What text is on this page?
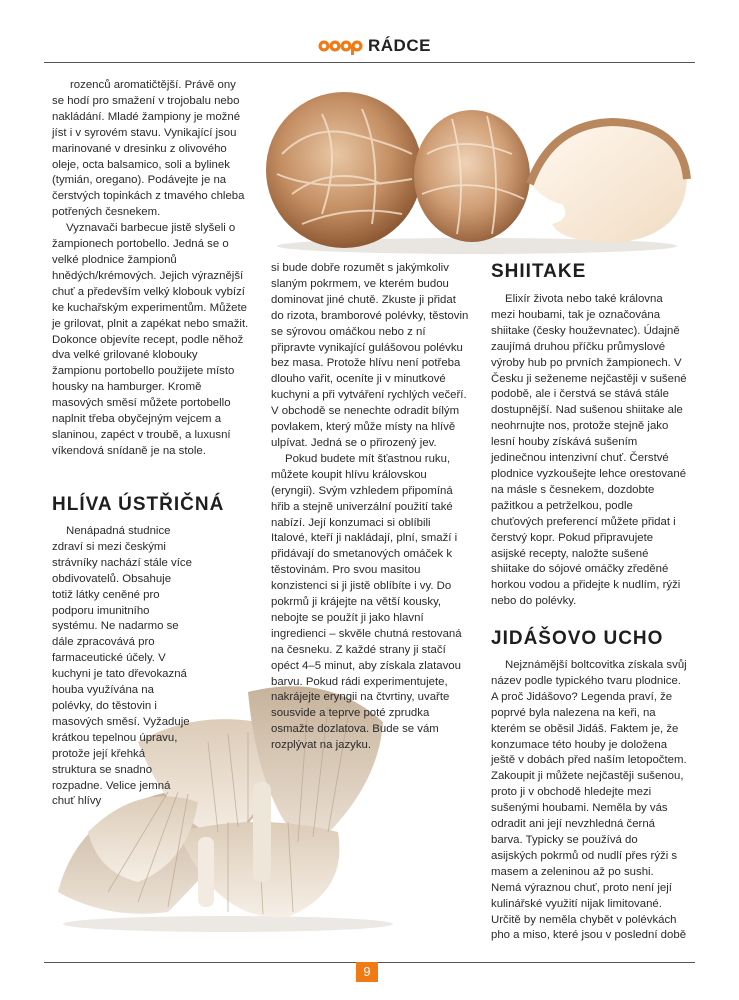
RÁDCE

rozenců aromatičtější. Právě ony se hodí pro smažení v trojobalu nebo nakládání. Mladé žampiony je možné jíst i v syrovém stavu. Vynikající jsou marinované v dresinku z olivového oleje, octa balsamico, soli a bylinek (tymián, oregano). Podávejte je na čerstvých topinkách z tmavého chleba potřených česnekem.

Vyznavači barbecue jistě slyšeli o žampionech portobello. Jedná se o velké plodnice žampionů hnědých/krémových. Jejich výraznější chuť a především velký klobouk vybízí ke kuchařským experimentům. Můžete je grilovat, plnit a zapékat nebo smažit. Dokonce objevíte recept, podle něhož dva velké grilované klobouky žampionu portobello použijete místo housky na hamburger. Kromě masových směsí můžete portobello naplnit třeba obyčejným vejcem a slaninou, zapéct v troubě, a luxusní víkendová snídaně je na stole.

HLÍVA ÚSTŘIČNÁ

Nenápadná studnice zdraví si mezi českými strávníky nachází stále více obdivovatelů. Obsahuje totiž látky ceněné pro podporu imunitního systému. Ne nadarmo se dále zpracovává pro farmaceutické účely. V kuchyni je tato dřevokazná houba využívána na polévky, do těstovin i masových směsí. Vyžaduje krátkou tepelnou úpravu, protože její křehká struktura se snadno rozpadne. Velice jemná chuť hlívy

si bude dobře rozumět s jakýmkoliv slaným pokrmem, ve kterém budou dominovat jiné chutě. Zkuste ji přidat do rizota, bramborové polévky, těstovin se sýrovou omáčkou nebo z ní připravte vynikající gulášovou polévku bez masa. Protože hlívu není potřeba dlouho vařit, oceníte ji v minutkové kuchyni a při vytváření rychlých večeří. V obchodě se nenechte odradit bílým povlakem, který může místy na hlívě ulpívat. Jedná se o přirozený jev.

Pokud budete mít šťastnou ruku, můžete koupit hlívu královskou (eryngii). Svým vzhledem připomíná hřib a stejně univerzální použití také nabízí. Její konzumaci si oblíbili Italové, kteří ji nakládají, plní, smaží i přidávají do smetanových omáček k těstovinám. Pro svou masitou konzistenci si ji jistě oblíbíte i vy. Do pokrmů ji krájejte na větší kousky, nebojte se použít ji jako hlavní ingredienci – skvěle chutná restovaná na česneku. Z každé strany ji stačí opéct 4–5 minut, aby získala zlatavou barvu. Pokud rádi experimentujete, nakrájejte eryngii na čtvrtiny, uvařte sousvide a teprve poté zprudka osmažte dozlatova. Bude se vám rozplývat na jazyku.

SHIITAKE

Elixír života nebo také královna mezi houbami, tak je označována shiitake (česky houževnatec). Údajně zaujímá druhou příčku průmyslové výroby hub po prvních žampionech. V Česku ji seženeme nejčastěji v sušené podobě, ale i čerstvá se stává stále dostupnější. Nad sušenou shiitake ale neohrnujte nos, protože stejně jako lesní houby získává sušením jedinečnou intenzivní chuť. Čerstvé plodnice vyzkoušejte lehce orestované na másle s česnekem, dozdobte pažitkou a petrželkou, podle chuťových preferencí můžete přidat i čerstvý kopr. Pokud připravujete asijské recepty, naložte sušené shiitake do sójové omáčky zředěné horkou vodou a přidejte k nudlím, rýži nebo do polévky.

JIDÁŠOVO UCHO

Nejznámější boltcovitka získala svůj název podle typického tvaru plodnice. A proč Jidášovo? Legenda praví, že poprvé byla nalezena na keři, na kterém se oběsil Jidáš. Faktem je, že konzumace této houby je doložena ještě v dobách před naším letopočtem. Zakoupit ji můžete nejčastěji sušenou, proto ji v obchodě hledejte mezi sušenými houbami. Neměla by vás odradit ani její nevzhledná černá barva. Typicky se používá do asijských pokrmů od nudlí přes rýži s masem a zeleninou až po sushi. Nemá výraznou chuť, proto není její kulinářské využití nijak limitované. Určitě by neměla chybět v polévkách pho a miso, které jsou v poslední době

9
